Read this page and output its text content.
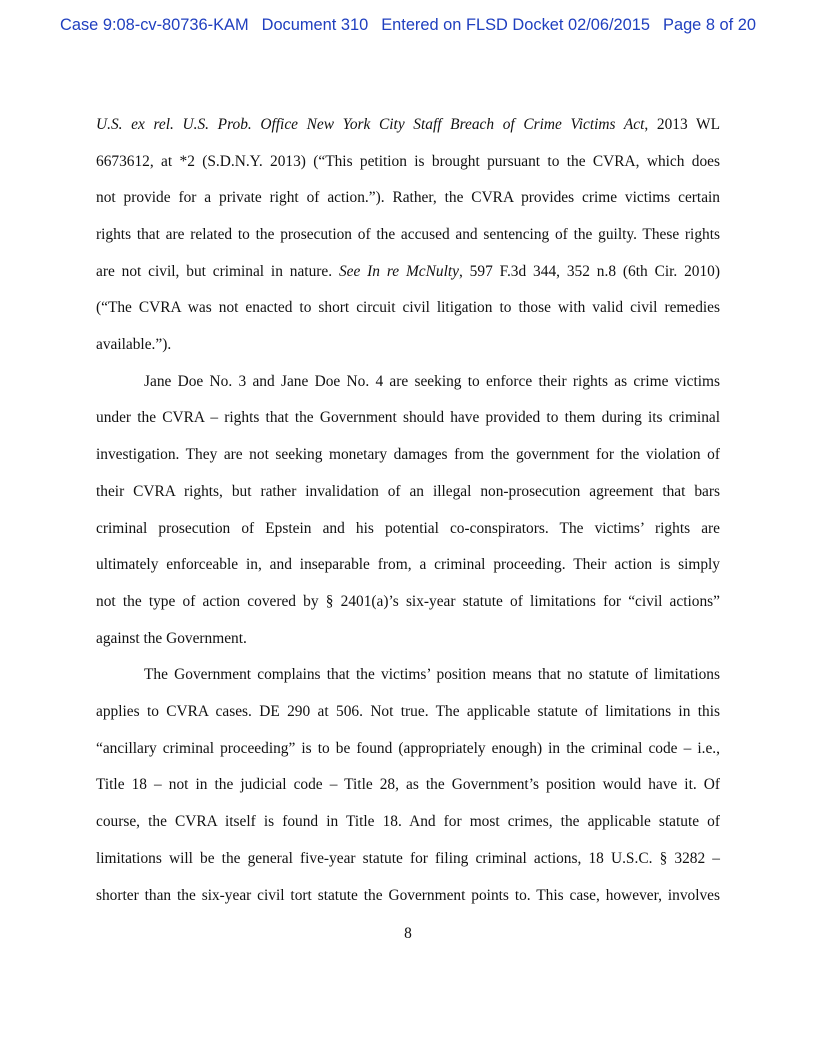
Case 9:08-cv-80736-KAM Document 310 Entered on FLSD Docket 02/06/2015 Page 8 of 20
U.S. ex rel. U.S. Prob. Office New York City Staff Breach of Crime Victims Act, 2013 WL
6673612, at *2 (S.D.N.Y. 2013) (“This petition is brought pursuant to the CVRA, which does
not provide for a private right of action.”). Rather, the CVRA provides crime victims certain
rights that are related to the prosecution of the accused and sentencing of the guilty. These rights
are not civil, but criminal in nature. See In re McNulty, 597 F.3d 344, 352 n.8 (6th Cir. 2010)
(“The CVRA was not enacted to short circuit civil litigation to those with valid civil remedies
available.”).
Jane Doe No. 3 and Jane Doe No. 4 are seeking to enforce their rights as crime victims
under the CVRA – rights that the Government should have provided to them during its criminal
investigation. They are not seeking monetary damages from the government for the violation of
their CVRA rights, but rather invalidation of an illegal non-prosecution agreement that bars
criminal prosecution of Epstein and his potential co-conspirators. The victims’ rights are
ultimately enforceable in, and inseparable from, a criminal proceeding. Their action is simply
not the type of action covered by § 2401(a)’s six-year statute of limitations for “civil actions”
against the Government.
The Government complains that the victims’ position means that no statute of limitations
applies to CVRA cases. DE 290 at 506. Not true. The applicable statute of limitations in this
“ancillary criminal proceeding” is to be found (appropriately enough) in the criminal code – i.e.,
Title 18 – not in the judicial code – Title 28, as the Government’s position would have it. Of
course, the CVRA itself is found in Title 18. And for most crimes, the applicable statute of
limitations will be the general five-year statute for filing criminal actions, 18 U.S.C. § 3282 –
shorter than the six-year civil tort statute the Government points to. This case, however, involves
8
